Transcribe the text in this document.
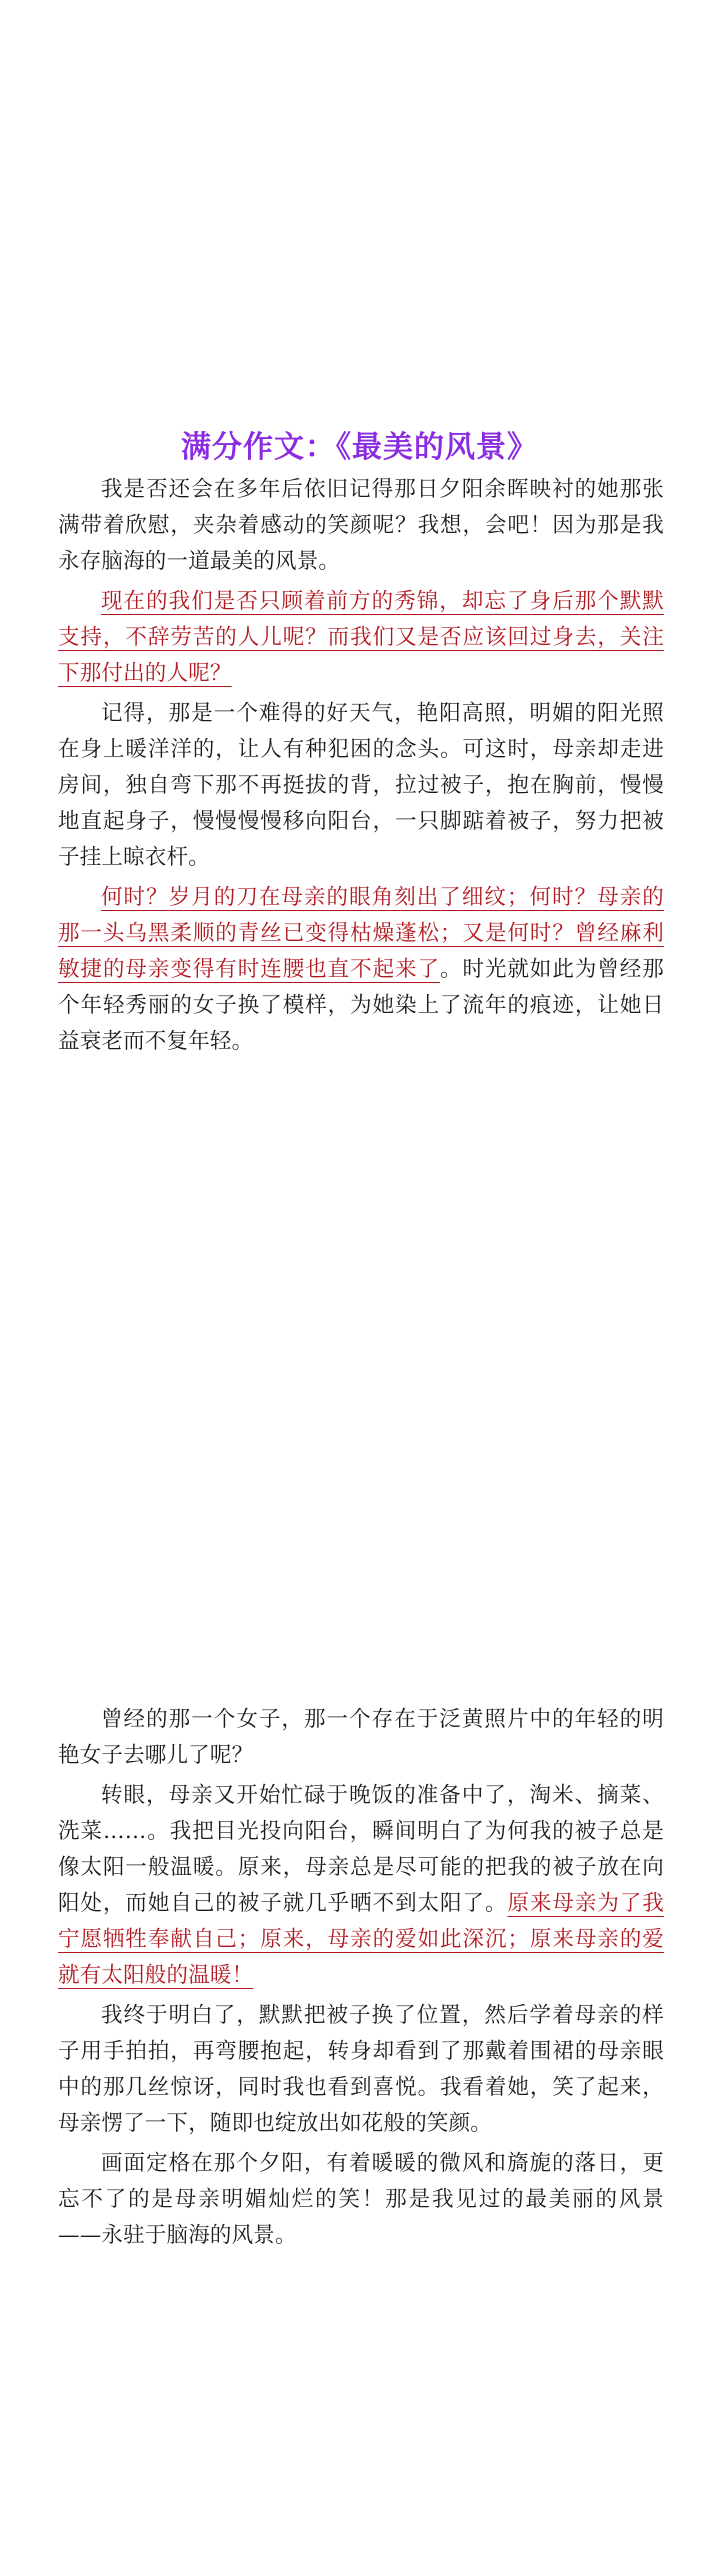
满分作文：《最美的风景》

我是否还会在多年后依旧记得那日夕阳余晖映衬的她那张满带着欣慰，夹杂着感动的笑颜呢？我想，会吧！因为那是我永存脑海的一道最美的风景。

现在的我们是否只顾着前方的秀锦，却忘了身后那个默默支持，不辞劳苦的人儿呢？而我们又是否应该回过身去，关注下那付出的人呢？

记得，那是一个难得的好天气，艳阳高照，明媚的阳光照在身上暖洋洋的，让人有种犯困的念头。可这时，母亲却走进房间，独自弯下那不再挺拔的背，拉过被子，抱在胸前，慢慢地直起身子，慢慢慢慢移向阳台，一只脚踮着被子，努力把被子挂上晾衣杆。

何时？岁月的刀在母亲的眼角刻出了细纹；何时？母亲的那一头乌黑柔顺的青丝已变得枯燥蓬松；又是何时？曾经麻利敏捷的母亲变得有时连腰也直不起来了。时光就如此为曾经那个年轻秀丽的女子换了模样，为她染上了流年的痕迹，让她日益衰老而不复年轻。

曾经的那一个女子，那一个存在于泛黄照片中的年轻的明艳女子去哪儿了呢？

转眼，母亲又开始忙碌于晚饭的准备中了，淘米、摘菜、洗菜……。我把目光投向阳台，瞬间明白了为何我的被子总是像太阳一般温暖。原来，母亲总是尽可能的把我的被子放在向阳处，而她自己的被子就几乎晒不到太阳了。原来母亲为了我宁愿牺牲奉献自己；原来，母亲的爱如此深沉；原来母亲的爱就有太阳般的温暖！

我终于明白了，默默把被子换了位置，然后学着母亲的样子用手拍拍，再弯腰抱起，转身却看到了那戴着围裙的母亲眼中的那几丝惊讶，同时我也看到喜悦。我看着她，笑了起来，母亲愣了一下，随即也绽放出如花般的笑颜。

画面定格在那个夕阳，有着暖暖的微风和旖旎的落日，更忘不了的是母亲明媚灿烂的笑！那是我见过的最美丽的风景——永驻于脑海的风景。
